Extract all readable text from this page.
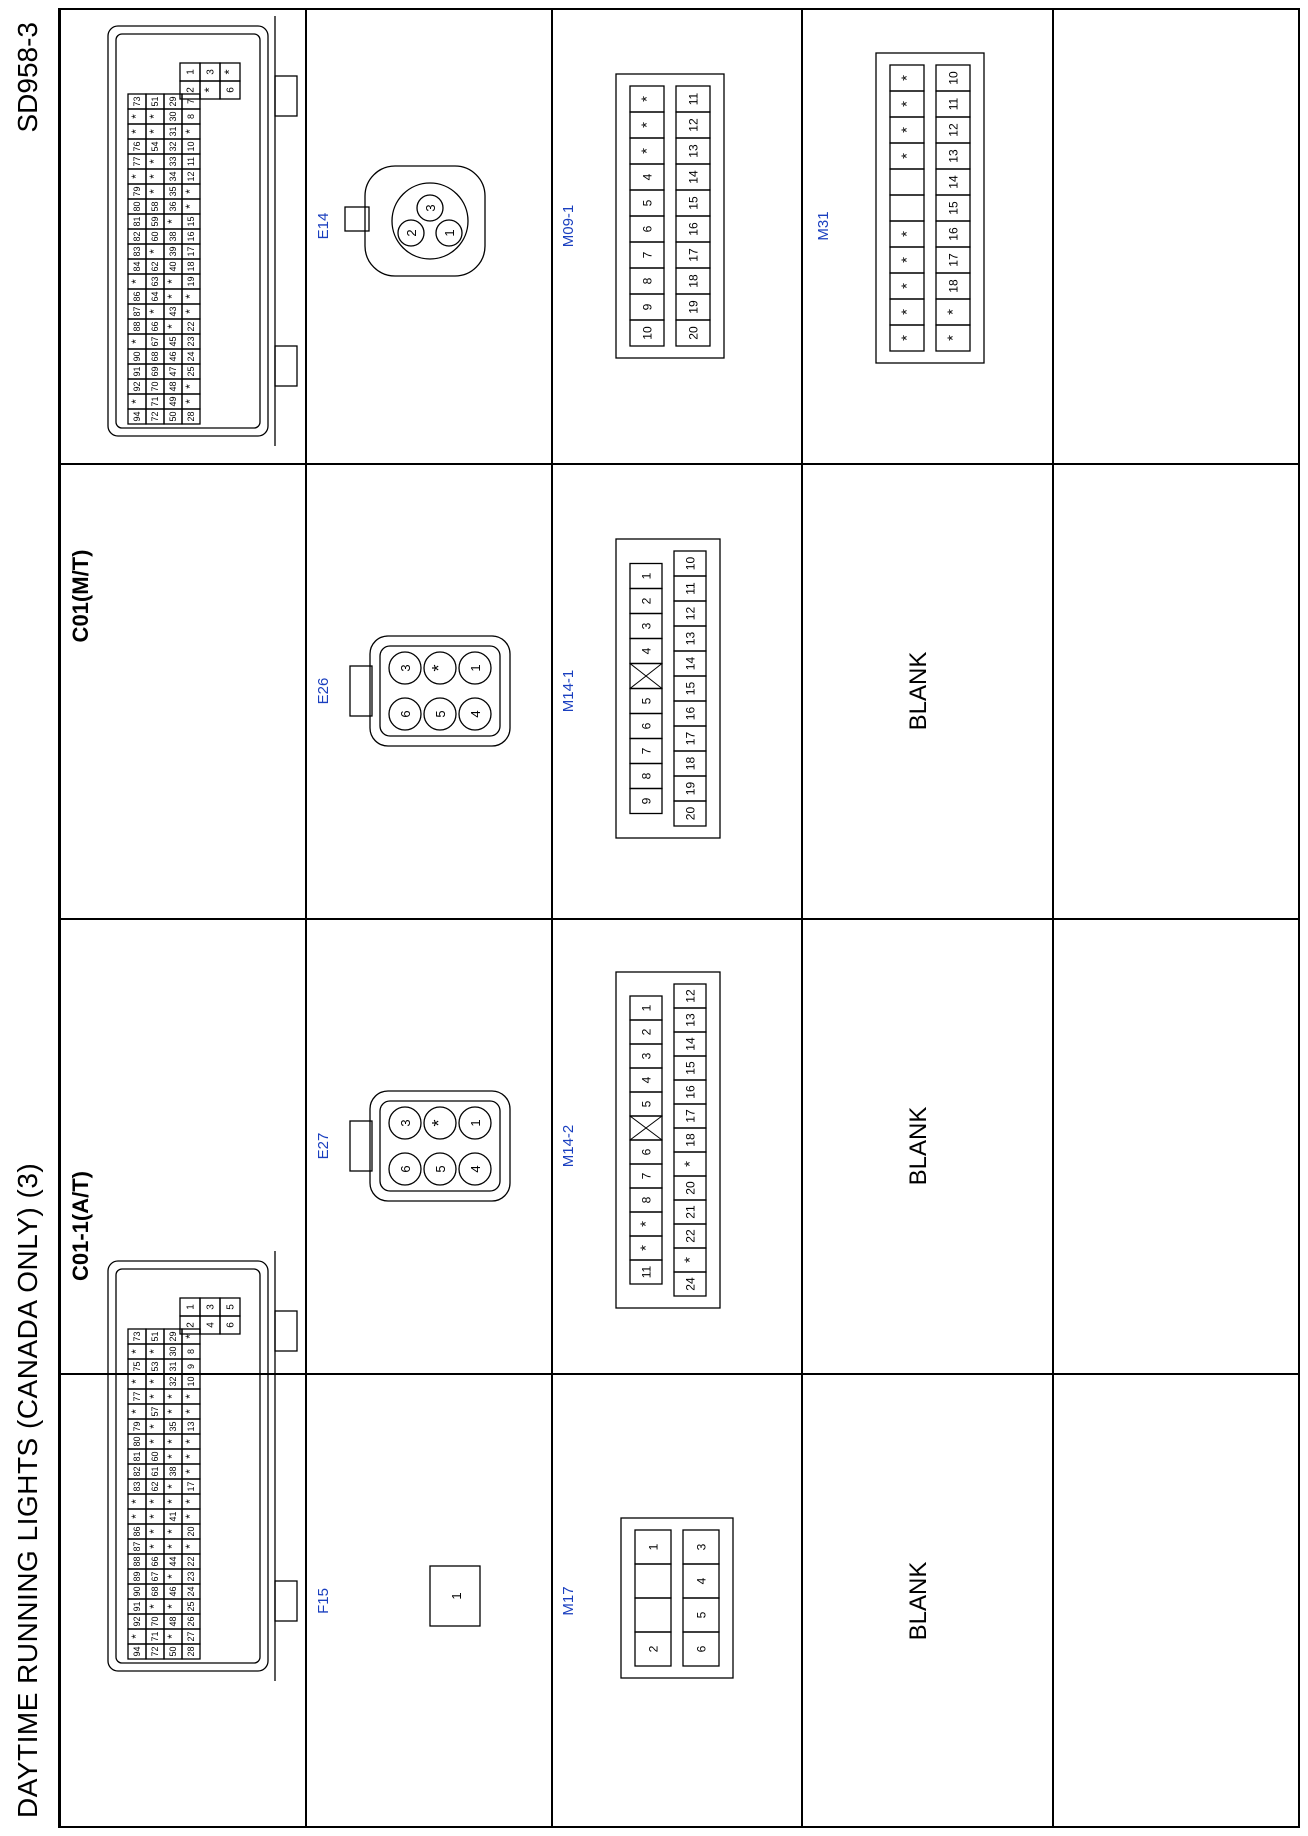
DAYTIME RUNNING LIGHTS (CANADA ONLY) (3)
SD958-3
C01(M/T)
C01-1(A/T)
94
*
92
91
90
*
88
87
86
*
84
83
82
81
80
79
*
77
76
*
*
73
72
71
70
69
68
67
66
*
64
63
62
*
60
59
58
*
*
*
54
*
*
51
50
49
48
47
46
45
*
43
*
*
40
39
38
*
36
35
34
33
32
31
30
29
28
*
*
25
24
23
22
*
*
19
18
17
16
15
*
*
12
11
10
*
8
7
6
*
*
3
2
1
94
*
92
91
90
89
88
87
86
*
*
83
82
81
80
79
*
77
*
75
*
73
72
71
70
*
68
67
66
*
*
*
*
62
61
60
*
*
57
*
*
53
*
51
50
*
48
*
46
*
44
*
*
41
*
*
38
*
*
35
*
*
32
31
30
29
28
27
26
25
24
23
22
*
20
*
*
17
*
*
*
13
*
*
10
9
8
*
6
5
4
3
2
1
E14
E26
E27
F15
2
3
1
3 * 1
6 5 4
3 * 1
6 5 4
1
M09-1
M14-1
M14-2
M17
10
9
8
7
6
5
4
*
*
*
20
19
18
17
16
15
14
13
12
11
9
8
7
6
5
4
3
2
1
20
19
18
17
16
15
14
13
12
11
10
11
*
*
8
7
6
5
4
3
2
1
24
*
22
21
20
*
18
17
16
15
14
13
12
2
1
6
5
4
3
M31
*
*
*
*
*
*
*
*
*
*
*
18
17
16
15
14
13
12
11
10
BLANK
BLANK
BLANK
